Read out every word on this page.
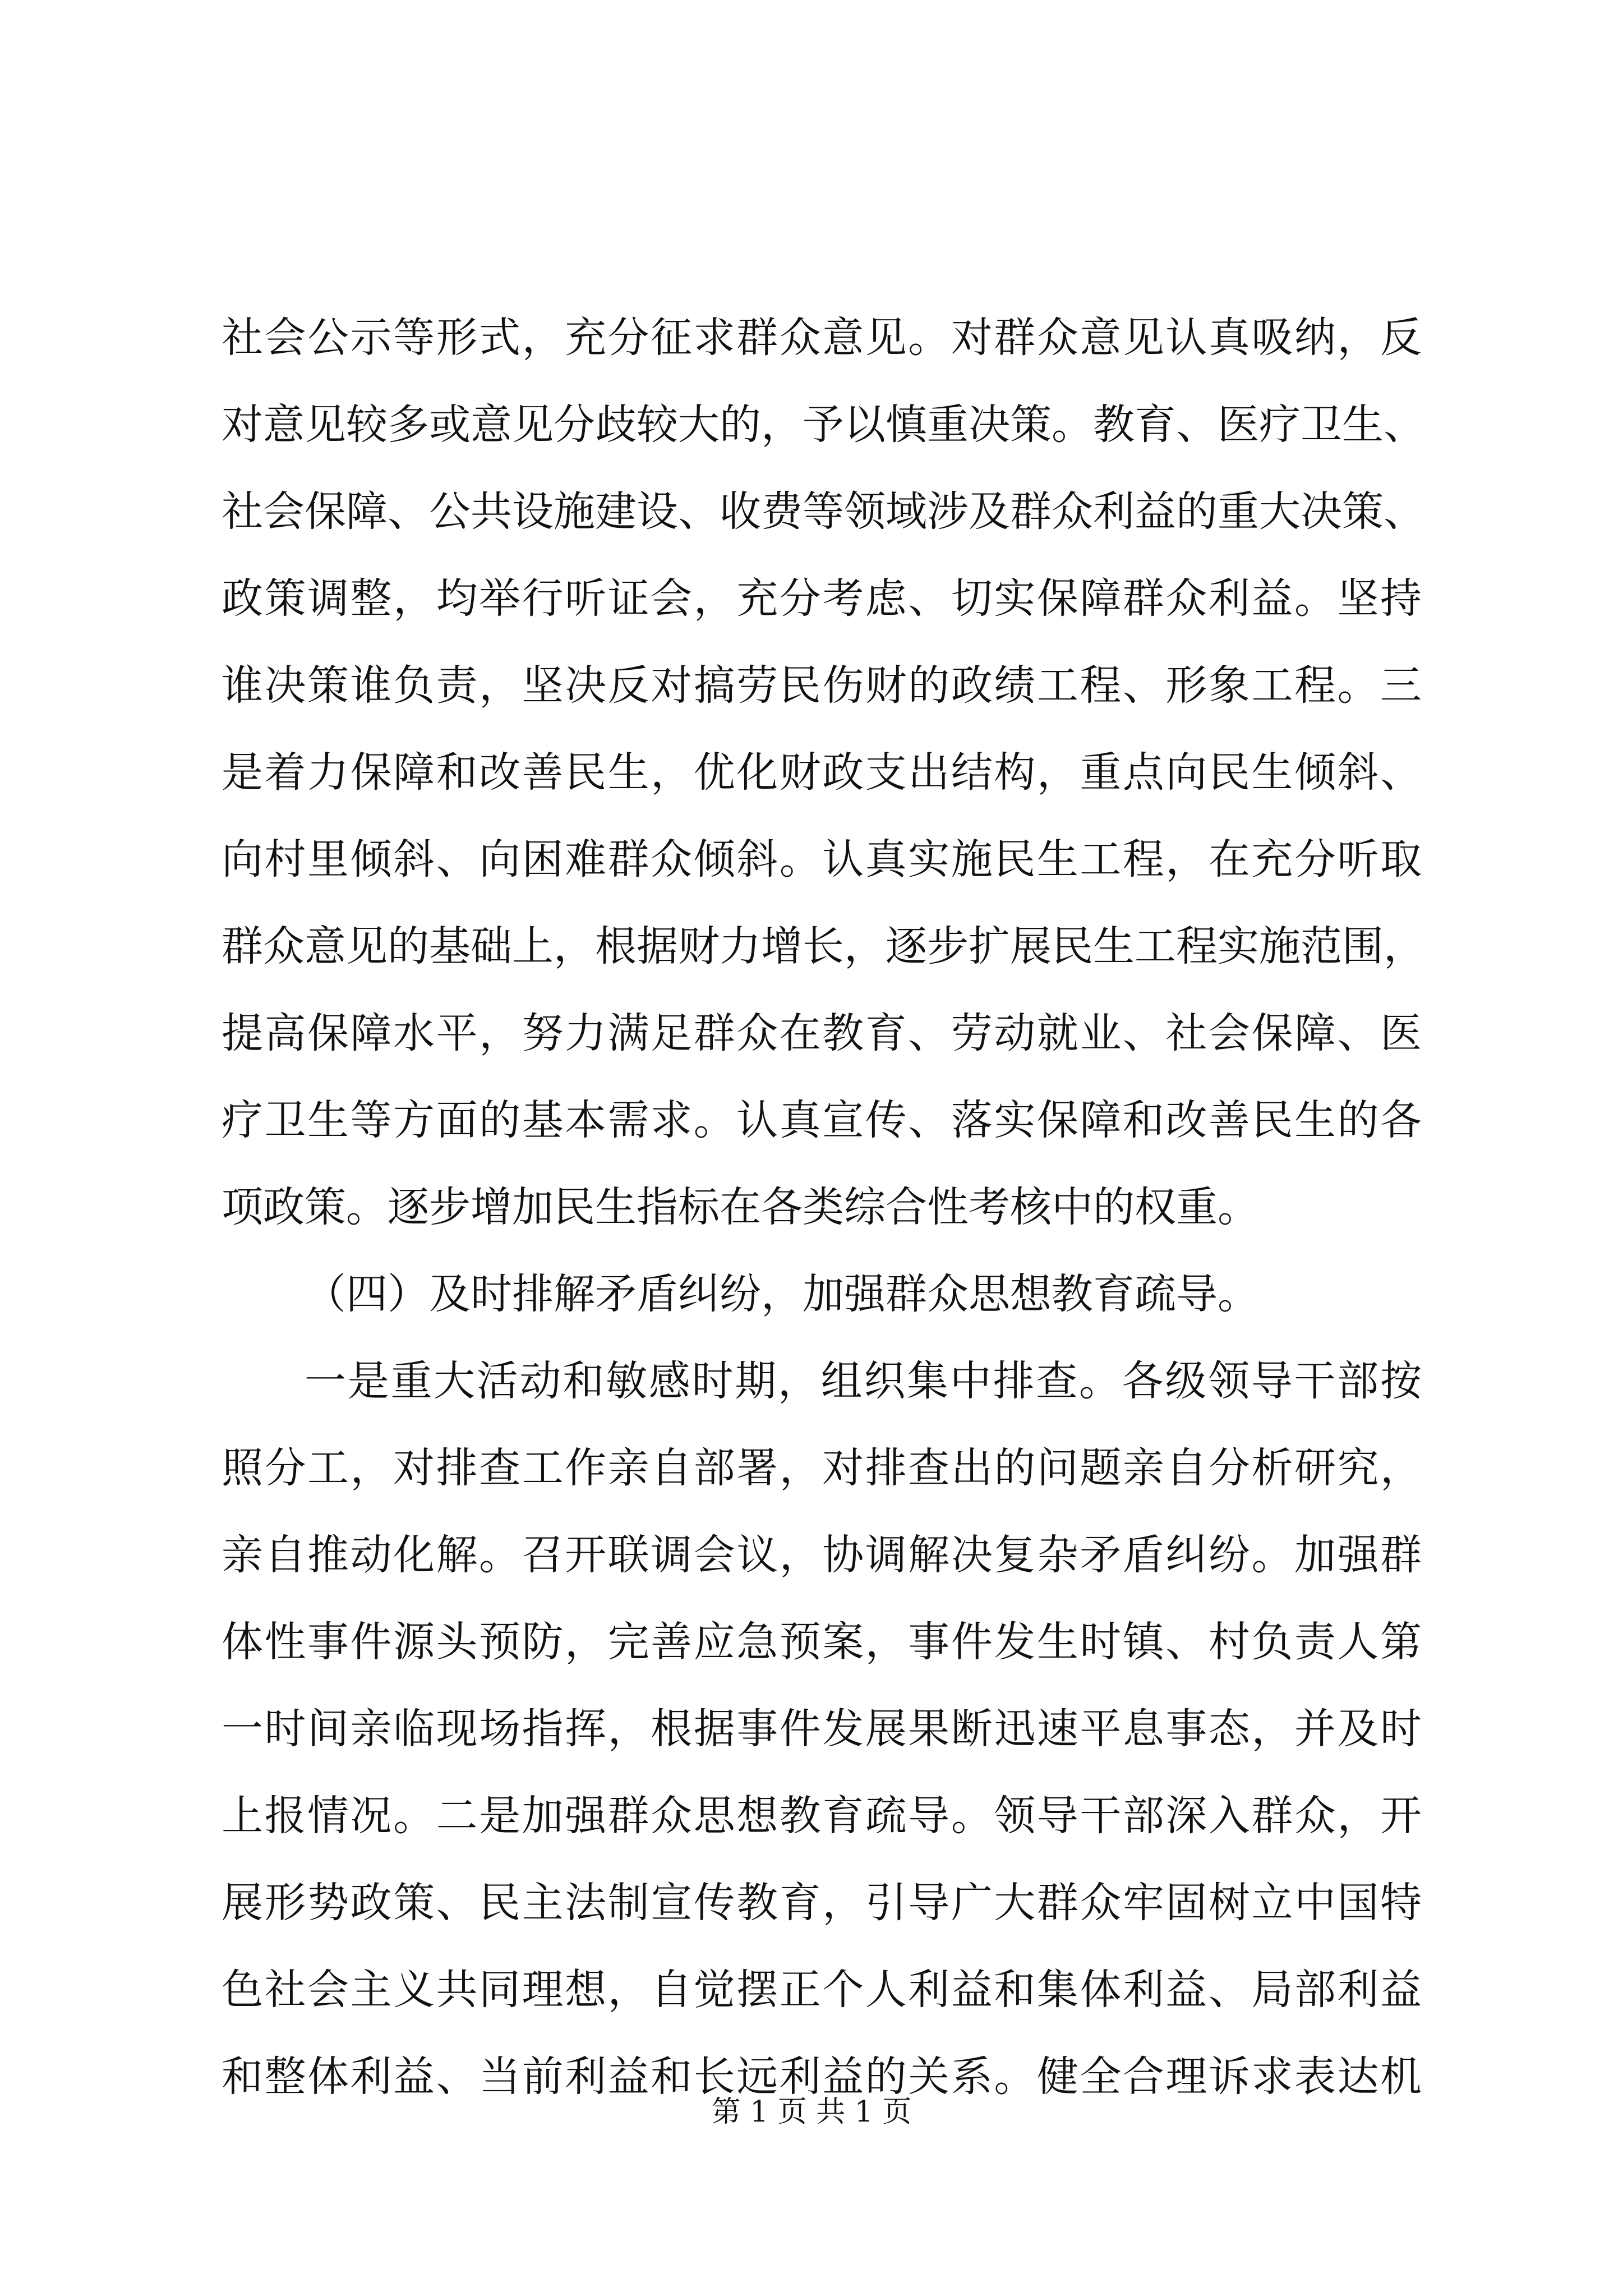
社会公示等形式，充分征求群众意见。对群众意见认真吸纳，反
对意见较多或意见分歧较大的，予以慎重决策。教育、医疗卫生、
社会保障、公共设施建设、收费等领域涉及群众利益的重大决策、
政策调整，均举行听证会，充分考虑、切实保障群众利益。坚持
谁决策谁负责，坚决反对搞劳民伤财的政绩工程、形象工程。三
是着力保障和改善民生，优化财政支出结构，重点向民生倾斜、
向村里倾斜、向困难群众倾斜。认真实施民生工程，在充分听取
群众意见的基础上，根据财力增长，逐步扩展民生工程实施范围，
提高保障水平，努力满足群众在教育、劳动就业、社会保障、医
疗卫生等方面的基本需求。认真宣传、落实保障和改善民生的各
项政策。逐步增加民生指标在各类综合性考核中的权重。
（四）及时排解矛盾纠纷，加强群众思想教育疏导。
一是重大活动和敏感时期，组织集中排查。各级领导干部按
照分工，对排查工作亲自部署，对排查出的问题亲自分析研究，
亲自推动化解。召开联调会议，协调解决复杂矛盾纠纷。加强群
体性事件源头预防，完善应急预案，事件发生时镇、村负责人第
一时间亲临现场指挥，根据事件发展果断迅速平息事态，并及时
上报情况。二是加强群众思想教育疏导。领导干部深入群众，开
展形势政策、民主法制宣传教育，引导广大群众牢固树立中国特
色社会主义共同理想，自觉摆正个人利益和集体利益、局部利益
和整体利益、当前利益和长远利益的关系。健全合理诉求表达机
第 1 页 共 1 页
